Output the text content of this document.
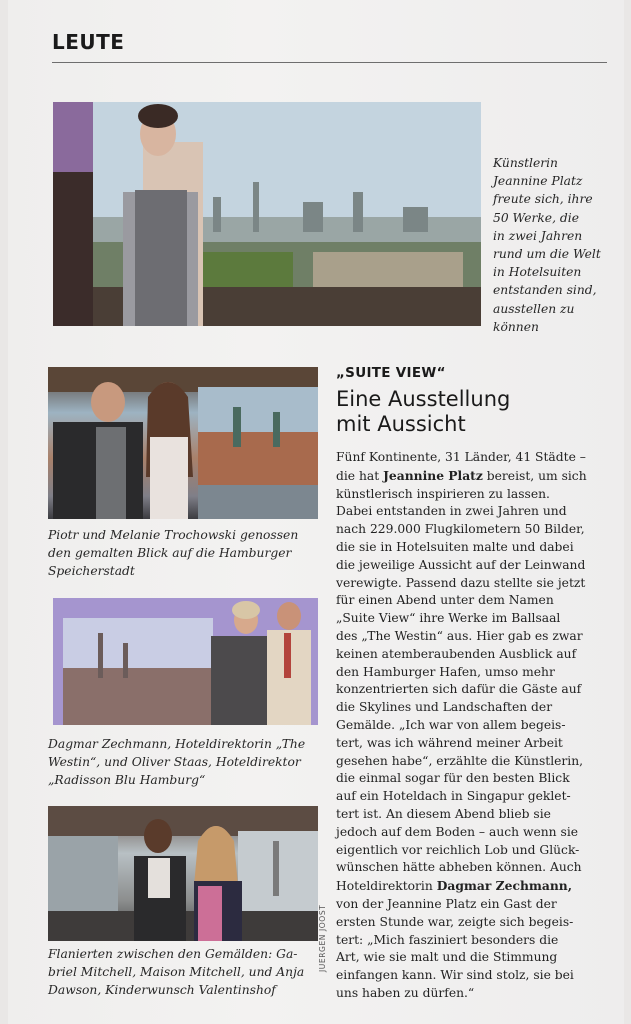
LEUTE
Künstlerin
Jeannine Platz
freute sich, ihre
50 Werke, die
in zwei Jahren
rund um die Welt
in Hotelsuiten
entstanden sind,
ausstellen zu
können
Piotr und Melanie Trochowski genossen
den gemalten Blick auf die Hamburger
Speicherstadt
Dagmar Zechmann, Hoteldirektorin „The
Westin“, und Oliver Staas, Hoteldirektor
„Radisson Blu Hamburg“
Flanierten zwischen den Gemälden: Ga-
briel Mitchell, Maison Mitchell, und Anja
Dawson, Kinderwunsch Valentinshof
JUERGEN JOOST
„SUITE VIEW“
Eine Ausstellung
mit Aussicht
Fünf Kontinente, 31 Länder, 41 Städte –
die hat Jeannine Platz bereist, um sich
künstlerisch inspirieren zu lassen.
Dabei entstanden in zwei Jahren und
nach 229.000 Flugkilometern 50 Bilder,
die sie in Hotelsuiten malte und dabei
die jeweilige Aussicht auf der Leinwand
verewigte. Passend dazu stellte sie jetzt
für einen Abend unter dem Namen
„Suite View“ ihre Werke im Ballsaal
des „The Westin“ aus. Hier gab es zwar
keinen atemberaubenden Ausblick auf
den Hamburger Hafen, umso mehr
konzentrierten sich dafür die Gäste auf
die Skylines und Landschaften der
Gemälde. „Ich war von allem begeis-
tert, was ich während meiner Arbeit
gesehen habe“, erzählte die Künstlerin,
die einmal sogar für den besten Blick
auf ein Hoteldach in Singapur geklet-
tert ist. An diesem Abend blieb sie
jedoch auf dem Boden – auch wenn sie
eigentlich vor reichlich Lob und Glück-
wünschen hätte abheben können. Auch
Hoteldirektorin Dagmar Zechmann,
von der Jeannine Platz ein Gast der
ersten Stunde war, zeigte sich begeis-
tert: „Mich fasziniert besonders die
Art, wie sie malt und die Stimmung
einfangen kann. Wir sind stolz, sie bei
uns haben zu dürfen.“
